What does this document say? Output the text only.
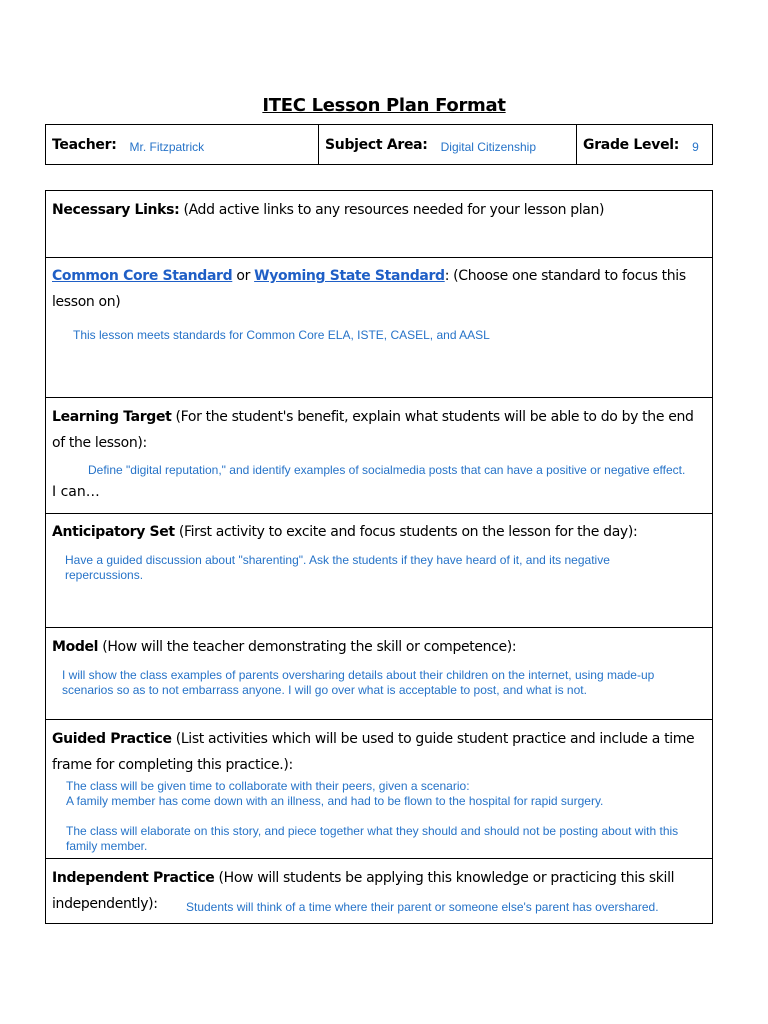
ITEC Lesson Plan Format
Teacher: Mr. Fitzpatrick	Subject Area: Digital Citizenship	Grade Level: 9
Necessary Links: (Add active links to any resources needed for your lesson plan)
Common Core Standard or Wyoming State Standard: (Choose one standard to focus this lesson on)
This lesson meets standards for Common Core ELA, ISTE, CASEL, and AASL
Learning Target (For the student's benefit, explain what students will be able to do by the end of the lesson):
I can…
Define "digital reputation," and identify examples of socialmedia posts that can have a positive or negative effect.
Anticipatory Set (First activity to excite and focus students on the lesson for the day):
Have a guided discussion about "sharenting". Ask the students if they have heard of it, and its negative repercussions.
Model (How will the teacher demonstrating the skill or competence):
I will show the class examples of parents oversharing details about their children on the internet, using made-up scenarios so as to not embarrass anyone. I will go over what is acceptable to post, and what is not.
Guided Practice (List activities which will be used to guide student practice and include a time frame for completing this practice.):
The class will be given time to collaborate with their peers, given a scenario:
A family member has come down with an illness, and had to be flown to the hospital for rapid surgery.
The class will elaborate on this story, and piece together what they should and should not be posting about with this family member.
Independent Practice (How will students be applying this knowledge or practicing this skill independently):	Students will think of a time where their parent or someone else's parent has overshared.
